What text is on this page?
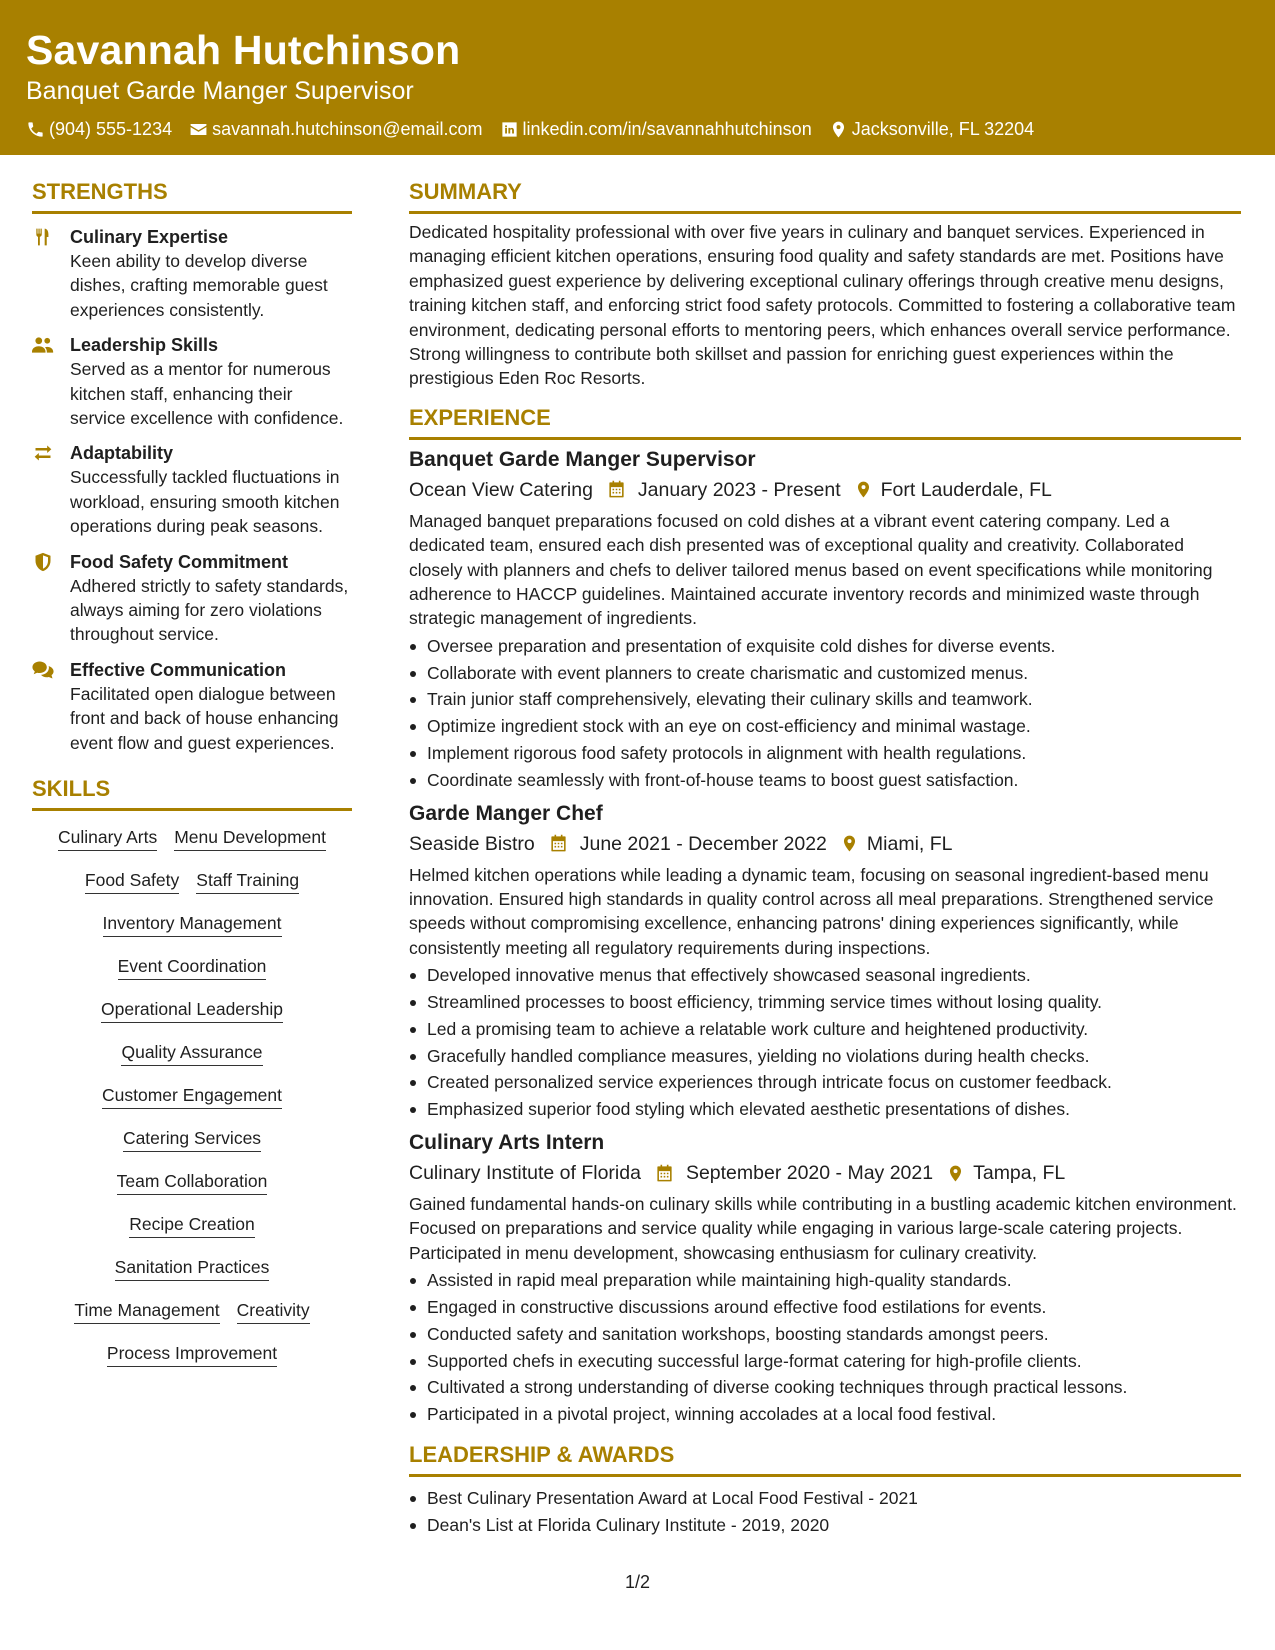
Savannah Hutchinson
Banquet Garde Manger Supervisor
(904) 555-1234 savannah.hutchinson@email.com linkedin.com/in/savannahhutchinson Jacksonville, FL 32204
STRENGTHS
Culinary Expertise
Keen ability to develop diverse dishes, crafting memorable guest experiences consistently.
Leadership Skills
Served as a mentor for numerous kitchen staff, enhancing their service excellence with confidence.
Adaptability
Successfully tackled fluctuations in workload, ensuring smooth kitchen operations during peak seasons.
Food Safety Commitment
Adhered strictly to safety standards, always aiming for zero violations throughout service.
Effective Communication
Facilitated open dialogue between front and back of house enhancing event flow and guest experiences.
SKILLS
Culinary Arts Menu Development
Food Safety Staff Training
Inventory Management
Event Coordination
Operational Leadership
Quality Assurance
Customer Engagement
Catering Services
Team Collaboration
Recipe Creation
Sanitation Practices
Time Management Creativity
Process Improvement
SUMMARY
Dedicated hospitality professional with over five years in culinary and banquet services. Experienced in managing efficient kitchen operations, ensuring food quality and safety standards are met. Positions have emphasized guest experience by delivering exceptional culinary offerings through creative menu designs, training kitchen staff, and enforcing strict food safety protocols. Committed to fostering a collaborative team environment, dedicating personal efforts to mentoring peers, which enhances overall service performance. Strong willingness to contribute both skillset and passion for enriching guest experiences within the prestigious Eden Roc Resorts.
EXPERIENCE
Banquet Garde Manger Supervisor
Ocean View Catering January 2023 - Present Fort Lauderdale, FL
Managed banquet preparations focused on cold dishes at a vibrant event catering company. Led a dedicated team, ensured each dish presented was of exceptional quality and creativity. Collaborated closely with planners and chefs to deliver tailored menus based on event specifications while monitoring adherence to HACCP guidelines. Maintained accurate inventory records and minimized waste through strategic management of ingredients.
Oversee preparation and presentation of exquisite cold dishes for diverse events.
Collaborate with event planners to create charismatic and customized menus.
Train junior staff comprehensively, elevating their culinary skills and teamwork.
Optimize ingredient stock with an eye on cost-efficiency and minimal wastage.
Implement rigorous food safety protocols in alignment with health regulations.
Coordinate seamlessly with front-of-house teams to boost guest satisfaction.
Garde Manger Chef
Seaside Bistro June 2021 - December 2022 Miami, FL
Helmed kitchen operations while leading a dynamic team, focusing on seasonal ingredient-based menu innovation. Ensured high standards in quality control across all meal preparations. Strengthened service speeds without compromising excellence, enhancing patrons' dining experiences significantly, while consistently meeting all regulatory requirements during inspections.
Developed innovative menus that effectively showcased seasonal ingredients.
Streamlined processes to boost efficiency, trimming service times without losing quality.
Led a promising team to achieve a relatable work culture and heightened productivity.
Gracefully handled compliance measures, yielding no violations during health checks.
Created personalized service experiences through intricate focus on customer feedback.
Emphasized superior food styling which elevated aesthetic presentations of dishes.
Culinary Arts Intern
Culinary Institute of Florida September 2020 - May 2021 Tampa, FL
Gained fundamental hands-on culinary skills while contributing in a bustling academic kitchen environment. Focused on preparations and service quality while engaging in various large-scale catering projects. Participated in menu development, showcasing enthusiasm for culinary creativity.
Assisted in rapid meal preparation while maintaining high-quality standards.
Engaged in constructive discussions around effective food estilations for events.
Conducted safety and sanitation workshops, boosting standards amongst peers.
Supported chefs in executing successful large-format catering for high-profile clients.
Cultivated a strong understanding of diverse cooking techniques through practical lessons.
Participated in a pivotal project, winning accolades at a local food festival.
LEADERSHIP & AWARDS
Best Culinary Presentation Award at Local Food Festival - 2021
Dean's List at Florida Culinary Institute - 2019, 2020
1/2
